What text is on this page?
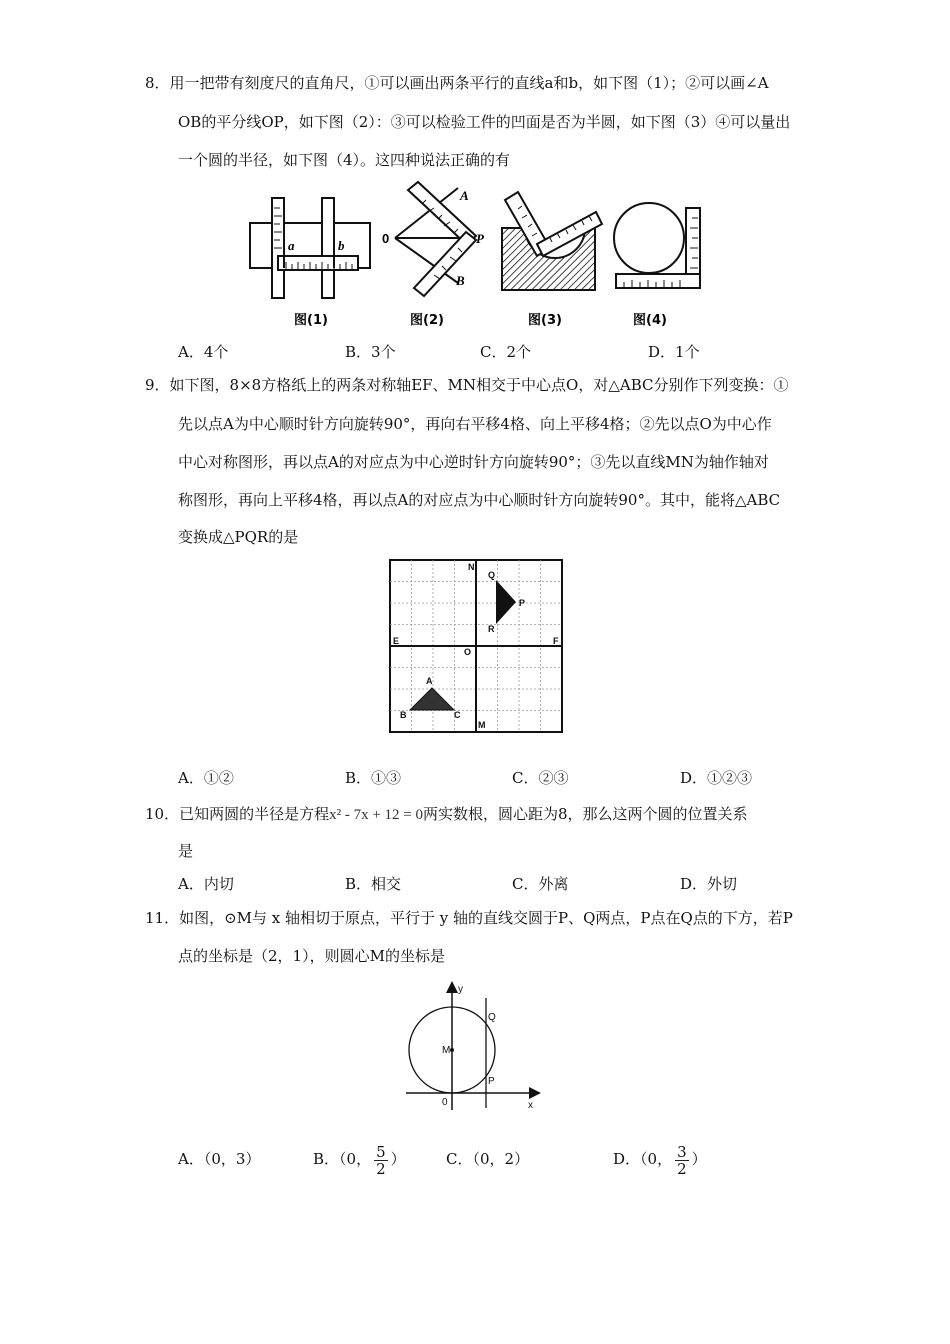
8．用一把带有刻度尺的直角尺，①可以画出两条平行的直线a和b，如下图（1）；②可以画∠A
OB的平分线OP，如下图（2）：③可以检验工件的凹面是否为半圆，如下图（3）④可以量出
一个圆的半径，如下图（4）。这四种说法正确的有
a	b
图(1)
0
A
B
P
图(2)	图(3)	图(4)
A．4个	B．3个	C．2个	D．1个
9．如下图，8×8方格纸上的两条对称轴EF、MN相交于中心点O，对△ABC分别作下列变换：①
先以点A为中心顺时针方向旋转90°，再向右平移4格、向上平移4格；②先以点O为中心作
中心对称图形，再以点A的对应点为中心逆时针方向旋转90°；③先以直线MN为轴作轴对
称图形，再向上平移4格，再以点A的对应点为中心顺时针方向旋转90°。其中，能将△ABC
变换成△PQR的是
N
M
E	F
O
Q
P
R
A
B	C
A．①②	B．①③	C．②③	D．①②③
10．已知两圆的半径是方程x² - 7x + 12 = 0两实数根，圆心距为8，那么这两个圆的位置关系
是
A．内切	B．相交	C．外离	D．外切
11．如图，⊙M与 x 轴相切于原点，平行于 y 轴的直线交圆于P、Q两点，P点在Q点的下方，若P
点的坐标是（2，1），则圆心M的坐标是
y
x
Q
P
M
0
A．（0，3）	B．（0， $\frac{5}{2}$ ）	C．（0，2）	D．（0， $\frac{3}{2}$ ）
